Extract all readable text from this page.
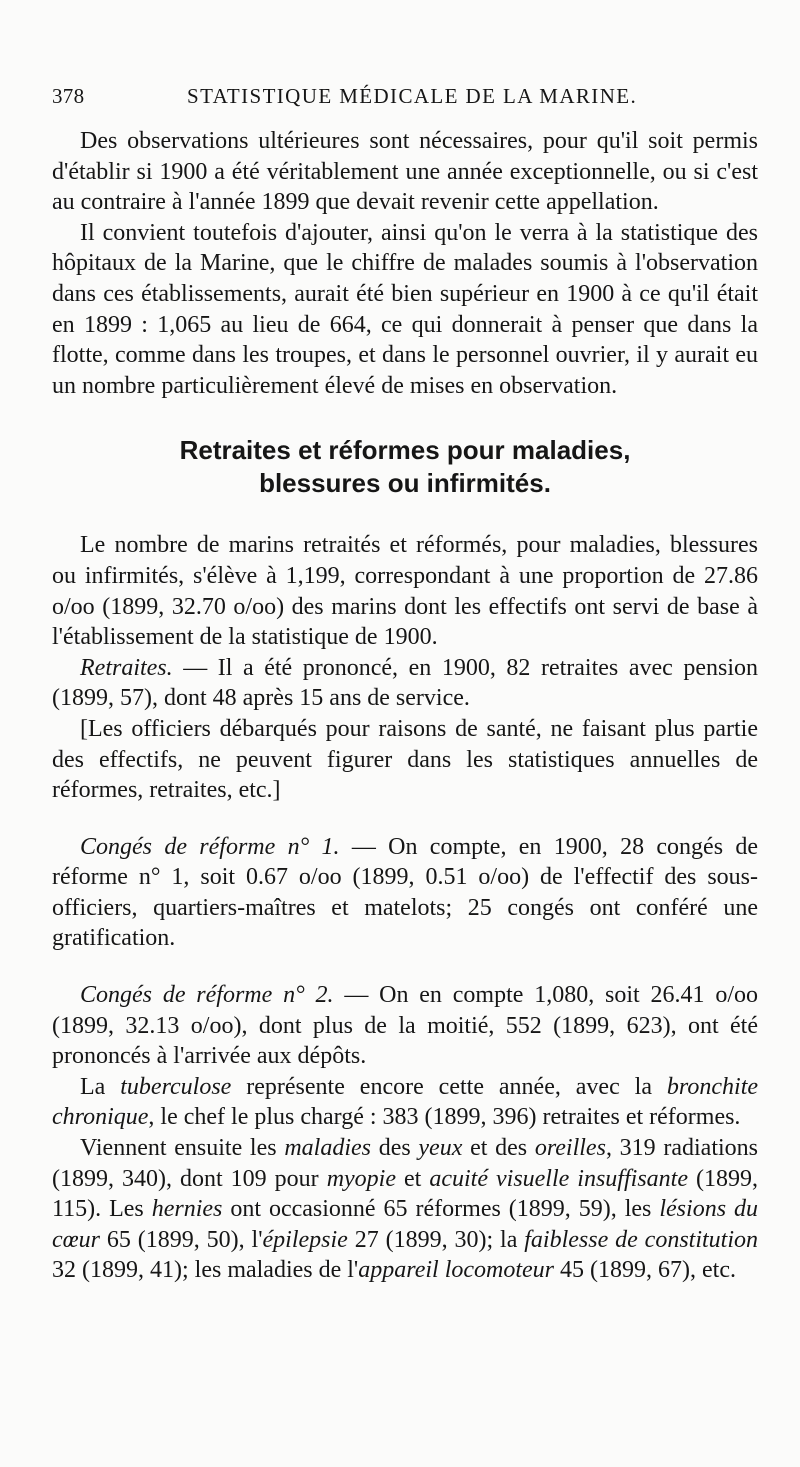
378	STATISTIQUE MÉDICALE DE LA MARINE.

Des observations ultérieures sont nécessaires, pour qu'il soit permis d'établir si 1900 a été véritablement une année exceptionnelle, ou si c'est au contraire à l'année 1899 que devait revenir cette appellation.

Il convient toutefois d'ajouter, ainsi qu'on le verra à la statistique des hôpitaux de la Marine, que le chiffre de malades soumis à l'observation dans ces établissements, aurait été bien supérieur en 1900 à ce qu'il était en 1899 : 1,065 au lieu de 664, ce qui donnerait à penser que dans la flotte, comme dans les troupes, et dans le personnel ouvrier, il y aurait eu un nombre particulièrement élevé de mises en observation.

Retraites et réformes pour maladies,
blessures ou infirmités.

Le nombre de marins retraités et réformés, pour maladies, blessures ou infirmités, s'élève à 1,199, correspondant à une proportion de 27.86 o/oo (1899, 32.70 o/oo) des marins dont les effectifs ont servi de base à l'établissement de la statistique de 1900.

Retraites. — Il a été prononcé, en 1900, 82 retraites avec pension (1899, 57), dont 48 après 15 ans de service.

[Les officiers débarqués pour raisons de santé, ne faisant plus partie des effectifs, ne peuvent figurer dans les statistiques annuelles de réformes, retraites, etc.]

Congés de réforme n° 1. — On compte, en 1900, 28 congés de réforme n° 1, soit 0.67 o/oo (1899, 0.51 o/oo) de l'effectif des sous-officiers, quartiers-maîtres et matelots; 25 congés ont conféré une gratification.

Congés de réforme n° 2. — On en compte 1,080, soit 26.41 o/oo (1899, 32.13 o/oo), dont plus de la moitié, 552 (1899, 623), ont été prononcés à l'arrivée aux dépôts.

La tuberculose représente encore cette année, avec la bronchite chronique, le chef le plus chargé : 383 (1899, 396) retraites et réformes.

Viennent ensuite les maladies des yeux et des oreilles, 319 radiations (1899, 340), dont 109 pour myopie et acuité visuelle insuffisante (1899, 115). Les hernies ont occasionné 65 réformes (1899, 59), les lésions du cœur 65 (1899, 50), l'épilepsie 27 (1899, 30); la faiblesse de constitution 32 (1899, 41); les maladies de l'appareil locomoteur 45 (1899, 67), etc.
